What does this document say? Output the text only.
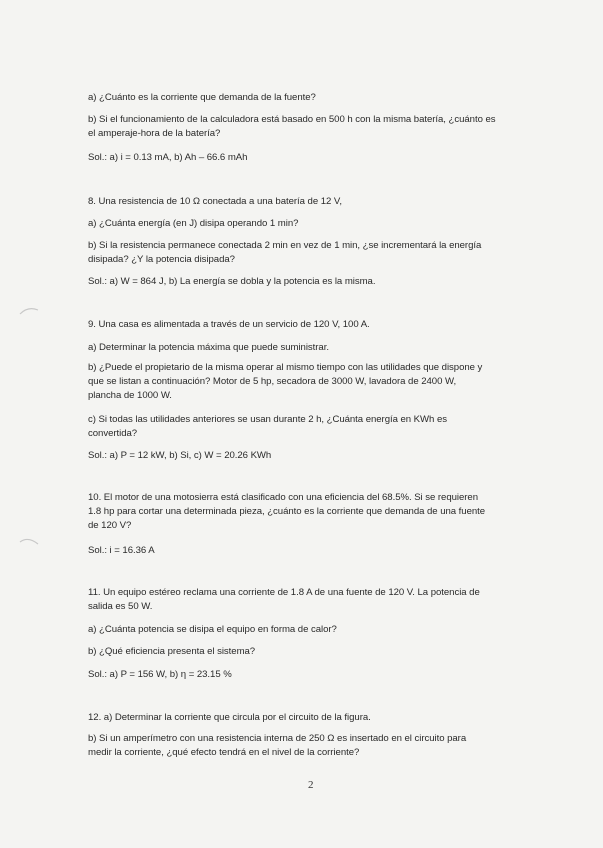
a) ¿Cuánto es la corriente que demanda de la fuente?
b) Si el funcionamiento de la calculadora está basado en 500 h con la misma batería, ¿cuánto es
el amperaje-hora de la batería?
Sol.: a) i = 0.13 mA, b) Ah – 66.6 mAh
8. Una resistencia de 10 Ω conectada a una batería de 12 V,
a) ¿Cuánta energía (en J) disipa operando 1 min?
b) Si la resistencia permanece conectada 2 min en vez de 1 min, ¿se incrementará la energía
disipada? ¿Y la potencia disipada?
Sol.: a) W = 864 J, b) La energía se dobla y la potencia es la misma.
9. Una casa es alimentada a través de un servicio de 120 V, 100 A.
a) Determinar la potencia máxima que puede suministrar.
b) ¿Puede el propietario de la misma operar al mismo tiempo con las utilidades que dispone y
que se listan a continuación? Motor de 5 hp, secadora de 3000 W, lavadora de 2400 W,
plancha de 1000 W.
c) Si todas las utilidades anteriores se usan durante 2 h, ¿Cuánta energía en KWh es
convertida?
Sol.: a) P = 12 kW, b) Si, c) W = 20.26 KWh
10. El motor de una motosierra está clasificado con una eficiencia del 68.5%. Si se requieren
1.8 hp para cortar una determinada pieza, ¿cuánto es la corriente que demanda de una fuente
de 120 V?
Sol.: i = 16.36 A
11. Un equipo estéreo reclama una corriente de 1.8 A de una fuente de 120 V. La potencia de
salida es 50 W.
a) ¿Cuánta potencia se disipa el equipo en forma de calor?
b) ¿Qué eficiencia presenta el sistema?
Sol.: a) P = 156 W, b) η = 23.15 %
12. a) Determinar la corriente que circula por el circuito de la figura.
b) Si un amperímetro con una resistencia interna de 250 Ω es insertado en el circuito para
medir la corriente, ¿qué efecto tendrá en el nivel de la corriente?
2
